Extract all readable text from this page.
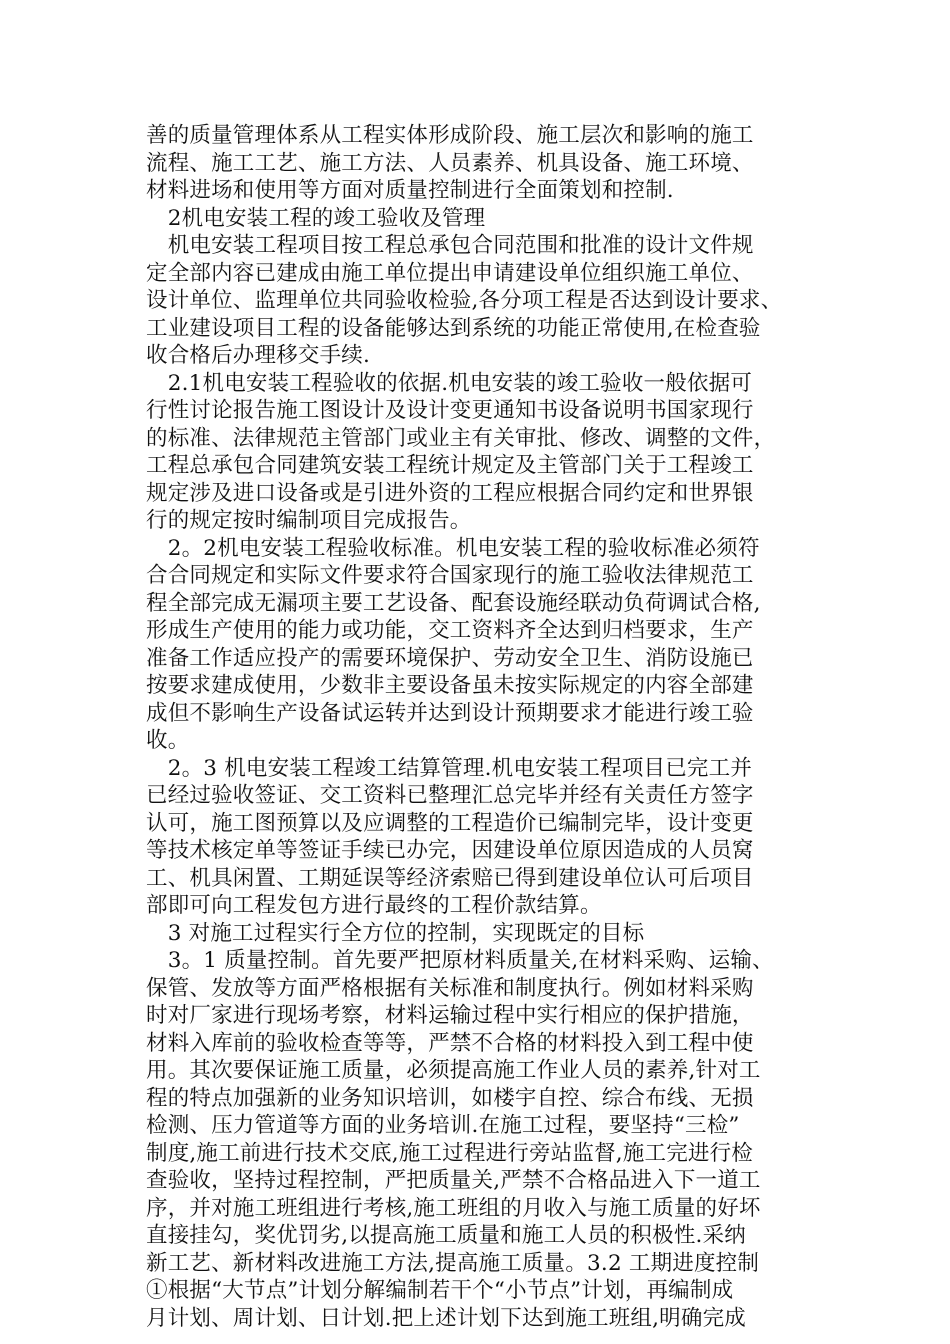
善的质量管理体系从工程实体形成阶段、施工层次和影响的施工
流程、施工工艺、施工方法、人员素养、机具设备、施工环境、
材料进场和使用等方面对质量控制进行全面策划和控制.
　2机电安装工程的竣工验收及管理
　机电安装工程项目按工程总承包合同范围和批准的设计文件规
定全部内容已建成由施工单位提出申请建设单位组织施工单位、
设计单位、监理单位共同验收检验,各分项工程是否达到设计要求、
工业建设项目工程的设备能够达到系统的功能正常使用,在检查验
收合格后办理移交手续.
　2.1机电安装工程验收的依据.机电安装的竣工验收一般依据可
行性讨论报告施工图设计及设计变更通知书设备说明书国家现行
的标准、法律规范主管部门或业主有关审批、修改、调整的文件，
工程总承包合同建筑安装工程统计规定及主管部门关于工程竣工
规定涉及进口设备或是引进外资的工程应根据合同约定和世界银
行的规定按时编制项目完成报告。
　2。2机电安装工程验收标准。机电安装工程的验收标准必须符
合合同规定和实际文件要求符合国家现行的施工验收法律规范工
程全部完成无漏项主要工艺设备、配套设施经联动负荷调试合格,
形成生产使用的能力或功能，交工资料齐全达到归档要求，生产
准备工作适应投产的需要环境保护、劳动安全卫生、消防设施已
按要求建成使用，少数非主要设备虽未按实际规定的内容全部建
成但不影响生产设备试运转并达到设计预期要求才能进行竣工验
收。
　2。3 机电安装工程竣工结算管理.机电安装工程项目已完工并
已经过验收签证、交工资料已整理汇总完毕并经有关责任方签字
认可，施工图预算以及应调整的工程造价已编制完毕，设计变更
等技术核定单等签证手续已办完，因建设单位原因造成的人员窝
工、机具闲置、工期延误等经济索赔已得到建设单位认可后项目
部即可向工程发包方进行最终的工程价款结算。
　3 对施工过程实行全方位的控制，实现既定的目标
　3。1 质量控制。首先要严把原材料质量关,在材料采购、运输、
保管、发放等方面严格根据有关标准和制度执行。例如材料采购
时对厂家进行现场考察，材料运输过程中实行相应的保护措施，
材料入库前的验收检查等等，严禁不合格的材料投入到工程中使
用。其次要保证施工质量，必须提高施工作业人员的素养,针对工
程的特点加强新的业务知识培训，如楼宇自控、综合布线、无损
检测、压力管道等方面的业务培训.在施工过程，要坚持“三检”
制度,施工前进行技术交底,施工过程进行旁站监督,施工完进行检
查验收，坚持过程控制，严把质量关,严禁不合格品进入下一道工
序，并对施工班组进行考核,施工班组的月收入与施工质量的好坏
直接挂勾，奖优罚劣,以提高施工质量和施工人员的积极性.采纳
新工艺、新材料改进施工方法,提高施工质量。3.2 工期进度控制
①根据“大节点”计划分解编制若干个“小节点”计划，再编制成
月计划、周计划、日计划.把上述计划下达到施工班组,明确完成
